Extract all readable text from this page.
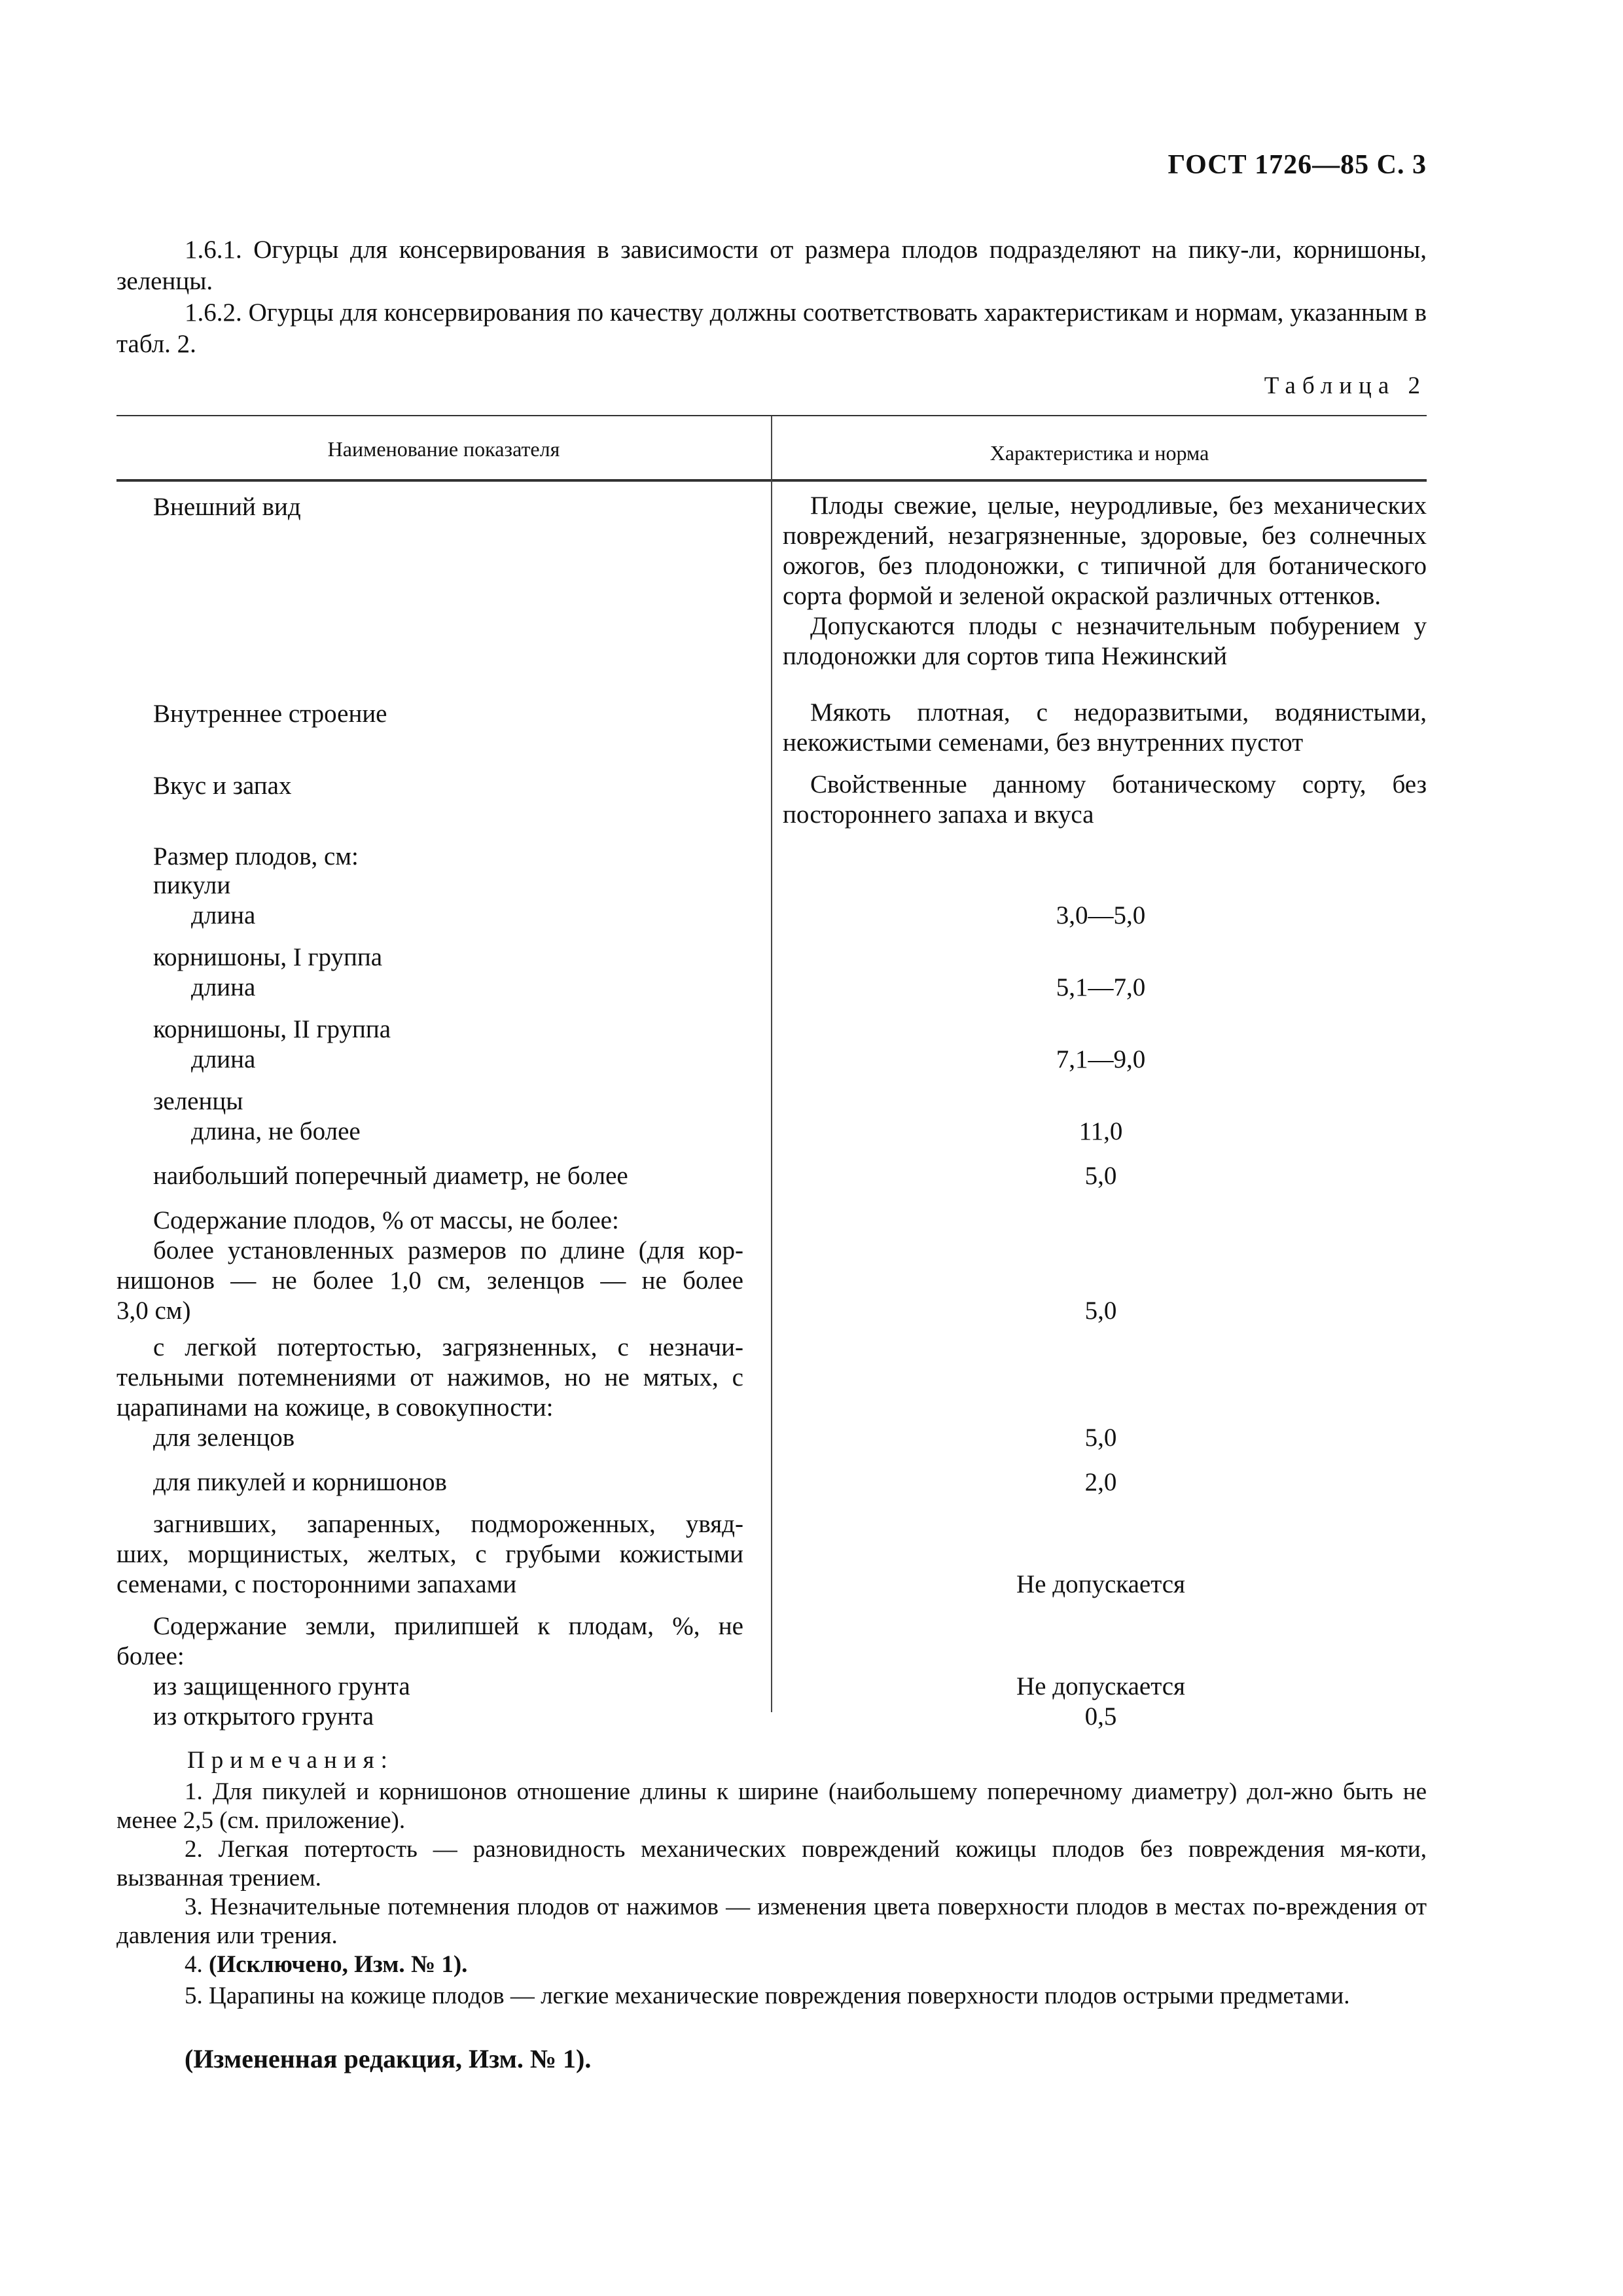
ГОСТ 1726—85 С. 3
1.6.1. Огурцы для консервирования в зависимости от размера плодов подразделяют на пику-ли, корнишоны, зеленцы.
1.6.2. Огурцы для консервирования по качеству должны соответствовать характеристикам и нормам, указанным в табл. 2.
Таблица 2
Наименование показателя	Характеристика и норма
Внешний вид	Плоды свежие, целые, неуродливые, без механических повреждений, незагрязненные, здоровые, без солнечных ожогов, без плодоножки, с типичной для ботанического сорта формой и зеленой окраской различных оттенков.
Допускаются плоды с незначительным побурением у плодоножки для сортов типа Нежинский
Внутреннее строение	Мякоть плотная, с недоразвитыми, водянистыми, некожистыми семенами, без внутренних пустот
Вкус и запах	Свойственные данному ботаническому сорту, без постороннего запаха и вкуса
Размер плодов, см:
пикули
длина	3,0—5,0
корнишоны, I группа
длина	5,1—7,0
корнишоны, II группа
длина	7,1—9,0
зеленцы
длина, не более	11,0
наибольший поперечный диаметр, не более	5,0
Содержание плодов, % от массы, не более:
более установленных размеров по длине (для кор-
нишонов — не более 1,0 см, зеленцов — не более
3,0 см)	5,0
с легкой потертостью, загрязненных, с незначи-
тельными потемнениями от нажимов, но не мятых, с
царапинами на кожице, в совокупности:
для зеленцов	5,0
для пикулей и корнишонов	2,0
загнивших, запаренных, подмороженных, увяд-
ших, морщинистых, желтых, с грубыми кожистыми
семенами, с посторонними запахами	Не допускается
Содержание земли, прилипшей к плодам, %, не
более:
из защищенного грунта	Не допускается
из открытого грунта	0,5
Примечания:
1. Для пикулей и корнишонов отношение длины к ширине (наибольшему поперечному диаметру) дол-жно быть не менее 2,5 (см. приложение).
2. Легкая потертость — разновидность механических повреждений кожицы плодов без повреждения мя-коти, вызванная трением.
3. Незначительные потемнения плодов от нажимов — изменения цвета поверхности плодов в местах по-вреждения от давления или трения.
4. (Исключено, Изм. № 1).
5. Царапины на кожице плодов — легкие механические повреждения поверхности плодов острыми предметами.
(Измененная редакция, Изм. № 1).
